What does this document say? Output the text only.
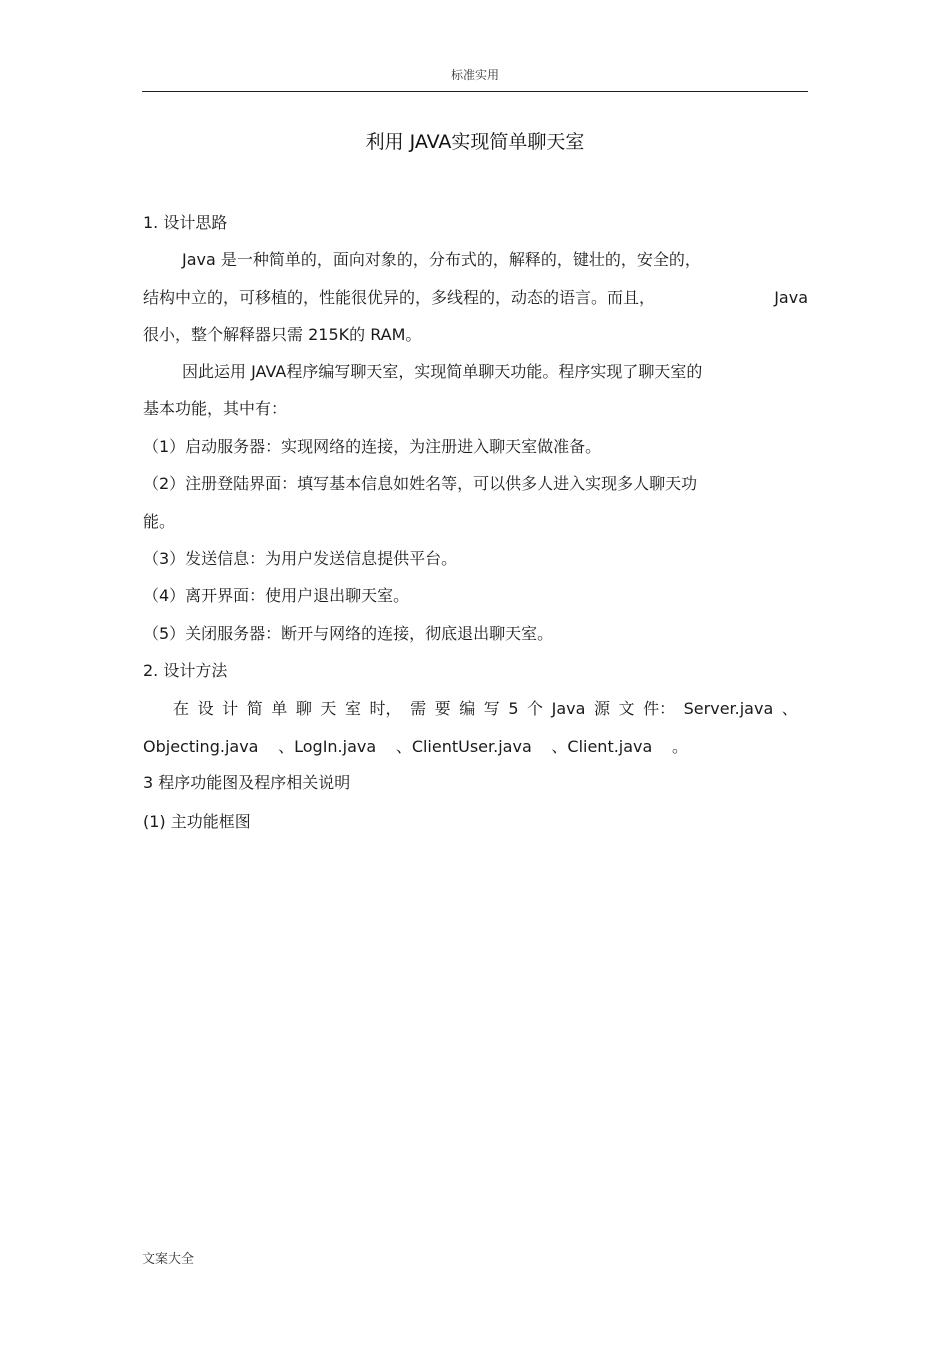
标准实用
利用 JAVA实现简单聊天室
1. 设计思路
Java 是一种简单的，面向对象的，分布式的，解释的，键壮的，安全的，
结构中立的，可移植的，性能很优异的，多线程的，动态的语言。而且，	Java
很小，整个解释器只需 215K的 RAM。
因此运用 JAVA程序编写聊天室，实现简单聊天功能。程序实现了聊天室的
基本功能，其中有：
（1）启动服务器：实现网络的连接，为注册进入聊天室做准备。
（2）注册登陆界面：填写基本信息如姓名等，可以供多人进入实现多人聊天功
能。
（3）发送信息：为用户发送信息提供平台。
（4）离开界面：使用户退出聊天室。
（5）关闭服务器：断开与网络的连接，彻底退出聊天室。
2. 设计方法
在 设 计 简 单 聊 天 室 时， 需 要 编 写 5 个 Java 源 文 件： Server.java 、
Objecting.java 、LogIn.java 、ClientUser.java 、Client.java 。
3 程序功能图及程序相关说明
(1) 主功能框图
文案大全
